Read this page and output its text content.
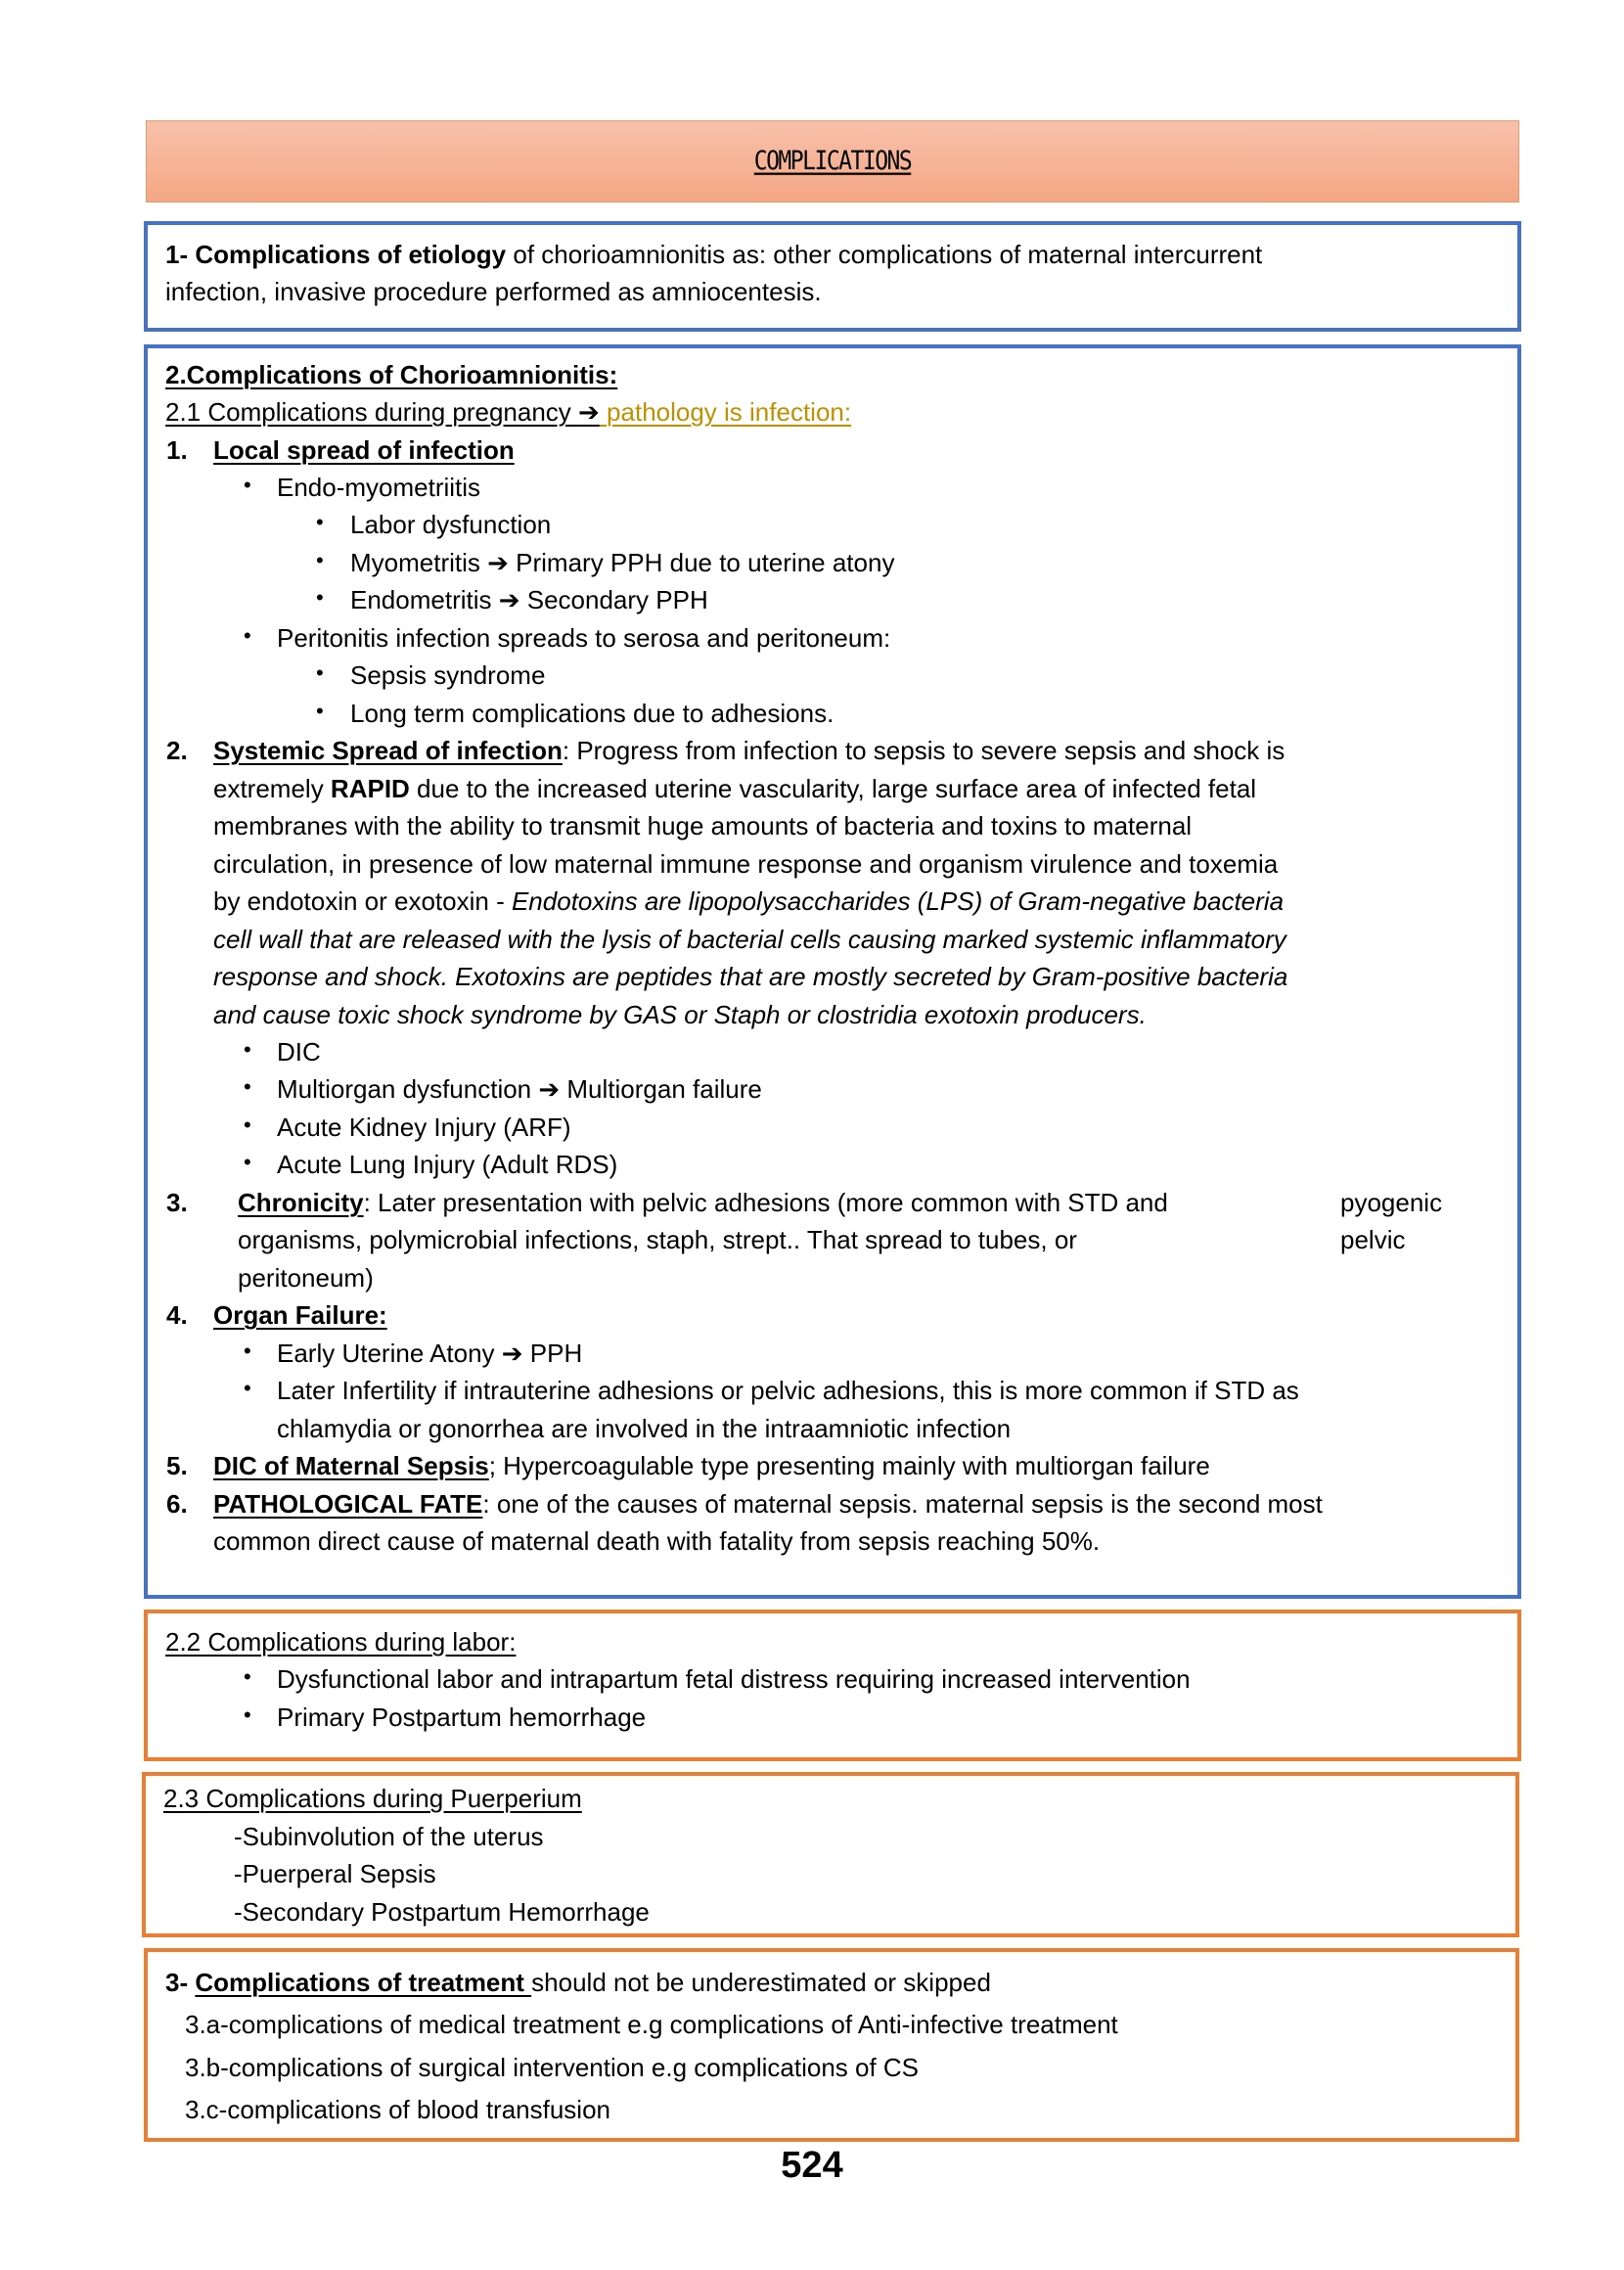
COMPLICATIONS
1- Complications of etiology of chorioamnionitis as: other complications of maternal intercurrent
infection, invasive procedure performed as amniocentesis.
2.Complications of Chorioamnionitis:
2.1 Complications during pregnancy ➔ pathology is infection:
1. Local spread of infection
• Endo-myometriitis
• Labor dysfunction
• Myometritis ➔ Primary PPH due to uterine atony
• Endometritis ➔ Secondary PPH
• Peritonitis infection spreads to serosa and peritoneum:
• Sepsis syndrome
• Long term complications due to adhesions.
2. Systemic Spread of infection: Progress from infection to sepsis to severe sepsis and shock is
extremely RAPID due to the increased uterine vascularity, large surface area of infected fetal
membranes with the ability to transmit huge amounts of bacteria and toxins to maternal
circulation, in presence of low maternal immune response and organism virulence and toxemia
by endotoxin or exotoxin - Endotoxins are lipopolysaccharides (LPS) of Gram-negative bacteria
cell wall that are released with the lysis of bacterial cells causing marked systemic inflammatory
response and shock. Exotoxins are peptides that are mostly secreted by Gram-positive bacteria
and cause toxic shock syndrome by GAS or Staph or clostridia exotoxin producers.
• DIC
• Multiorgan dysfunction ➔ Multiorgan failure
• Acute Kidney Injury (ARF)
• Acute Lung Injury (Adult RDS)
3. Chronicity: Later presentation with pelvic adhesions (more common with STD and	pyogenic
organisms, polymicrobial infections, staph, strept.. That spread to tubes, or	pelvic
peritoneum)
4. Organ Failure:
• Early Uterine Atony ➔ PPH
• Later Infertility if intrauterine adhesions or pelvic adhesions, this is more common if STD as
chlamydia or gonorrhea are involved in the intraamniotic infection
5. DIC of Maternal Sepsis; Hypercoagulable type presenting mainly with multiorgan failure
6. PATHOLOGICAL FATE: one of the causes of maternal sepsis. maternal sepsis is the second most
common direct cause of maternal death with fatality from sepsis reaching 50%.
2.2 Complications during labor:
• Dysfunctional labor and intrapartum fetal distress requiring increased intervention
• Primary Postpartum hemorrhage
2.3 Complications during Puerperium
-Subinvolution of the uterus
-Puerperal Sepsis
-Secondary Postpartum Hemorrhage
3- Complications of treatment should not be underestimated or skipped
3.a-complications of medical treatment e.g complications of Anti-infective treatment
3.b-complications of surgical intervention e.g complications of CS
3.c-complications of blood transfusion
524
